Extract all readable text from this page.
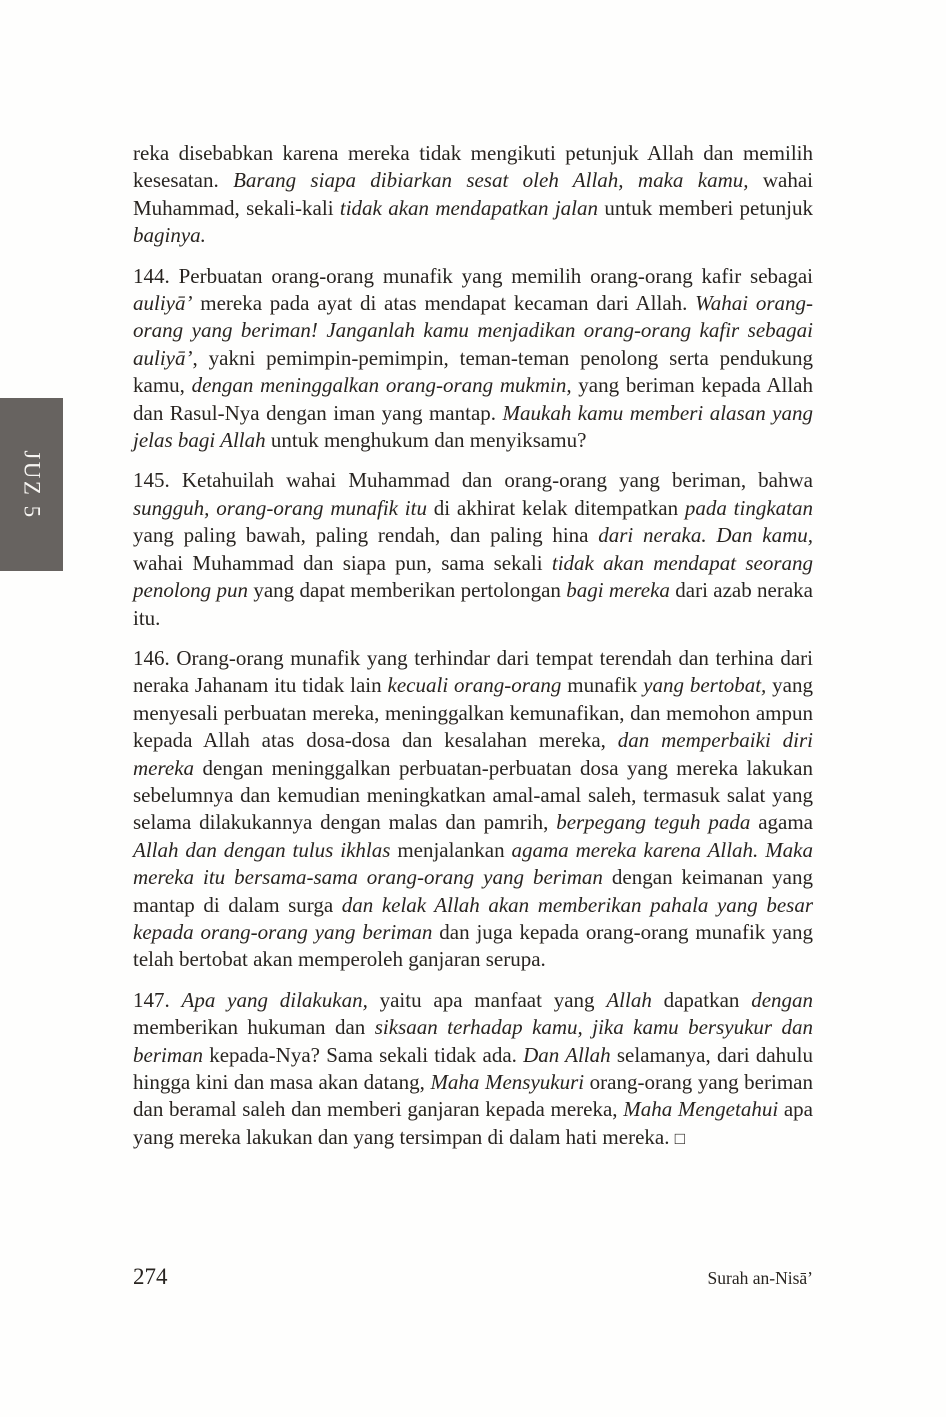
JUZ 5

reka disebabkan karena mereka tidak mengikuti petunjuk Allah dan memilih kesesatan. Barang siapa dibiarkan sesat oleh Allah, maka kamu, wahai Muhammad, sekali-kali tidak akan mendapatkan jalan untuk memberi petunjuk baginya.

144. Perbuatan orang-orang munafik yang memilih orang-orang kafir sebagai auliyā’ mereka pada ayat di atas mendapat kecaman dari Allah. Wahai orang-orang yang beriman! Janganlah kamu menjadikan orang-orang kafir sebagai auliyā’, yakni pemimpin-pemimpin, teman-teman penolong serta pendukung kamu, dengan meninggalkan orang-orang mukmin, yang beriman kepada Allah dan Rasul-Nya dengan iman yang mantap. Maukah kamu memberi alasan yang jelas bagi Allah untuk menghukum dan menyiksamu?

145. Ketahuilah wahai Muhammad dan orang-orang yang beriman, bahwa sungguh, orang-orang munafik itu di akhirat kelak ditempatkan pada tingkatan yang paling bawah, paling rendah, dan paling hina dari neraka. Dan kamu, wahai Muhammad dan siapa pun, sama sekali tidak akan mendapat seorang penolong pun yang dapat memberikan pertolongan bagi mereka dari azab neraka itu.

146. Orang-orang munafik yang terhindar dari tempat terendah dan terhina dari neraka Jahanam itu tidak lain kecuali orang-orang munafik yang bertobat, yang menyesali perbuatan mereka, meninggalkan kemunafikan, dan memohon ampun kepada Allah atas dosa-dosa dan kesalahan mereka, dan memperbaiki diri mereka dengan meninggalkan perbuatan-perbuatan dosa yang mereka lakukan sebelumnya dan kemudian meningkatkan amal-amal saleh, termasuk salat yang selama dilakukannya dengan malas dan pamrih, berpegang teguh pada agama Allah dan dengan tulus ikhlas menjalankan agama mereka karena Allah. Maka mereka itu bersama-sama orang-orang yang beriman dengan keimanan yang mantap di dalam surga dan kelak Allah akan memberikan pahala yang besar kepada orang-orang yang beriman dan juga kepada orang-orang munafik yang telah bertobat akan memperoleh ganjaran serupa.

147. Apa yang dilakukan, yaitu apa manfaat yang Allah dapatkan dengan memberikan hukuman dan siksaan terhadap kamu, jika kamu bersyukur dan beriman kepada-Nya? Sama sekali tidak ada. Dan Allah selamanya, dari dahulu hingga kini dan masa akan datang, Maha Mensyukuri orang-orang yang beriman dan beramal saleh dan memberi ganjaran kepada mereka, Maha Mengetahui apa yang mereka lakukan dan yang tersimpan di dalam hati mereka. □

274	Surah an-Nisā’
